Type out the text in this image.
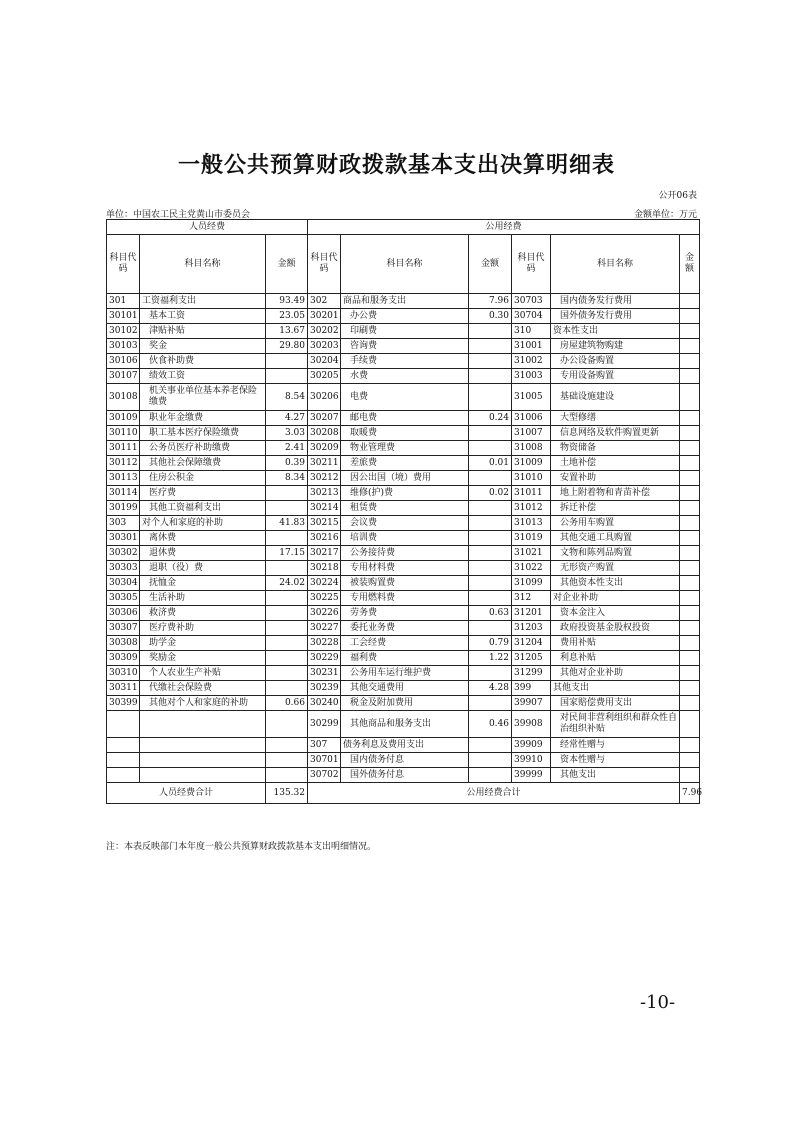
一般公共预算财政拨款基本支出决算明细表
公开06表
单位：中国农工民主党黄山市委员会	金额单位：万元
人员经费			公用经费					
科目代码	科目名称	金额	科目代码	科目名称	金额	科目代码	科目名称	金额
301	工资福利支出	93.49	302	商品和服务支出	7.96	30703	国内债务发行费用	
30101	基本工资	23.05	30201	办公费	0.30	30704	国外债务发行费用	
30102	津贴补贴	13.67	30202	印刷费		310	资本性支出	
30103	奖金	29.80	30203	咨询费		31001	房屋建筑物购建	
30106	伙食补助费		30204	手续费		31002	办公设备购置	
30107	绩效工资		30205	水费		31003	专用设备购置	
30108	机关事业单位基本养老保险缴费	8.54	30206	电费		31005	基础设施建设	
30109	职业年金缴费	4.27	30207	邮电费	0.24	31006	大型修缮	
30110	职工基本医疗保险缴费	3.03	30208	取暖费		31007	信息网络及软件购置更新	
30111	公务员医疗补助缴费	2.41	30209	物业管理费		31008	物资储备	
30112	其他社会保障缴费	0.39	30211	差旅费	0.01	31009	土地补偿	
30113	住房公积金	8.34	30212	因公出国（境）费用		31010	安置补助	
30114	医疗费		30213	维修(护)费	0.02	31011	地上附着物和青苗补偿	
30199	其他工资福利支出		30214	租赁费		31012	拆迁补偿	
303	对个人和家庭的补助	41.83	30215	会议费		31013	公务用车购置	
30301	离休费		30216	培训费		31019	其他交通工具购置	
30302	退休费	17.15	30217	公务接待费		31021	文物和陈列品购置	
30303	退职（役）费		30218	专用材料费		31022	无形资产购置	
30304	抚恤金	24.02	30224	被装购置费		31099	其他资本性支出	
30305	生活补助		30225	专用燃料费		312	对企业补助	
30306	救济费		30226	劳务费	0.63	31201	资本金注入	
30307	医疗费补助		30227	委托业务费		31203	政府投资基金股权投资	
30308	助学金		30228	工会经费	0.79	31204	费用补贴	
30309	奖励金		30229	福利费	1.22	31205	利息补贴	
30310	个人农业生产补贴		30231	公务用车运行维护费		31299	其他对企业补助	
30311	代缴社会保险费		30239	其他交通费用	4.28	399	其他支出	
30399	其他对个人和家庭的补助	0.66	30240	税金及附加费用		39907	国家赔偿费用支出	
			30299	其他商品和服务支出	0.46	39908	对民间非营利组织和群众性自治组织补贴	
			307	债务利息及费用支出		39909	经常性赠与	
			30701	国内债务付息		39910	资本性赠与	
			30702	国外债务付息		39999	其他支出	
人员经费合计		135.32	公用经费合计					7.96
注：本表反映部门本年度一般公共预算财政拨款基本支出明细情况。
-10-
